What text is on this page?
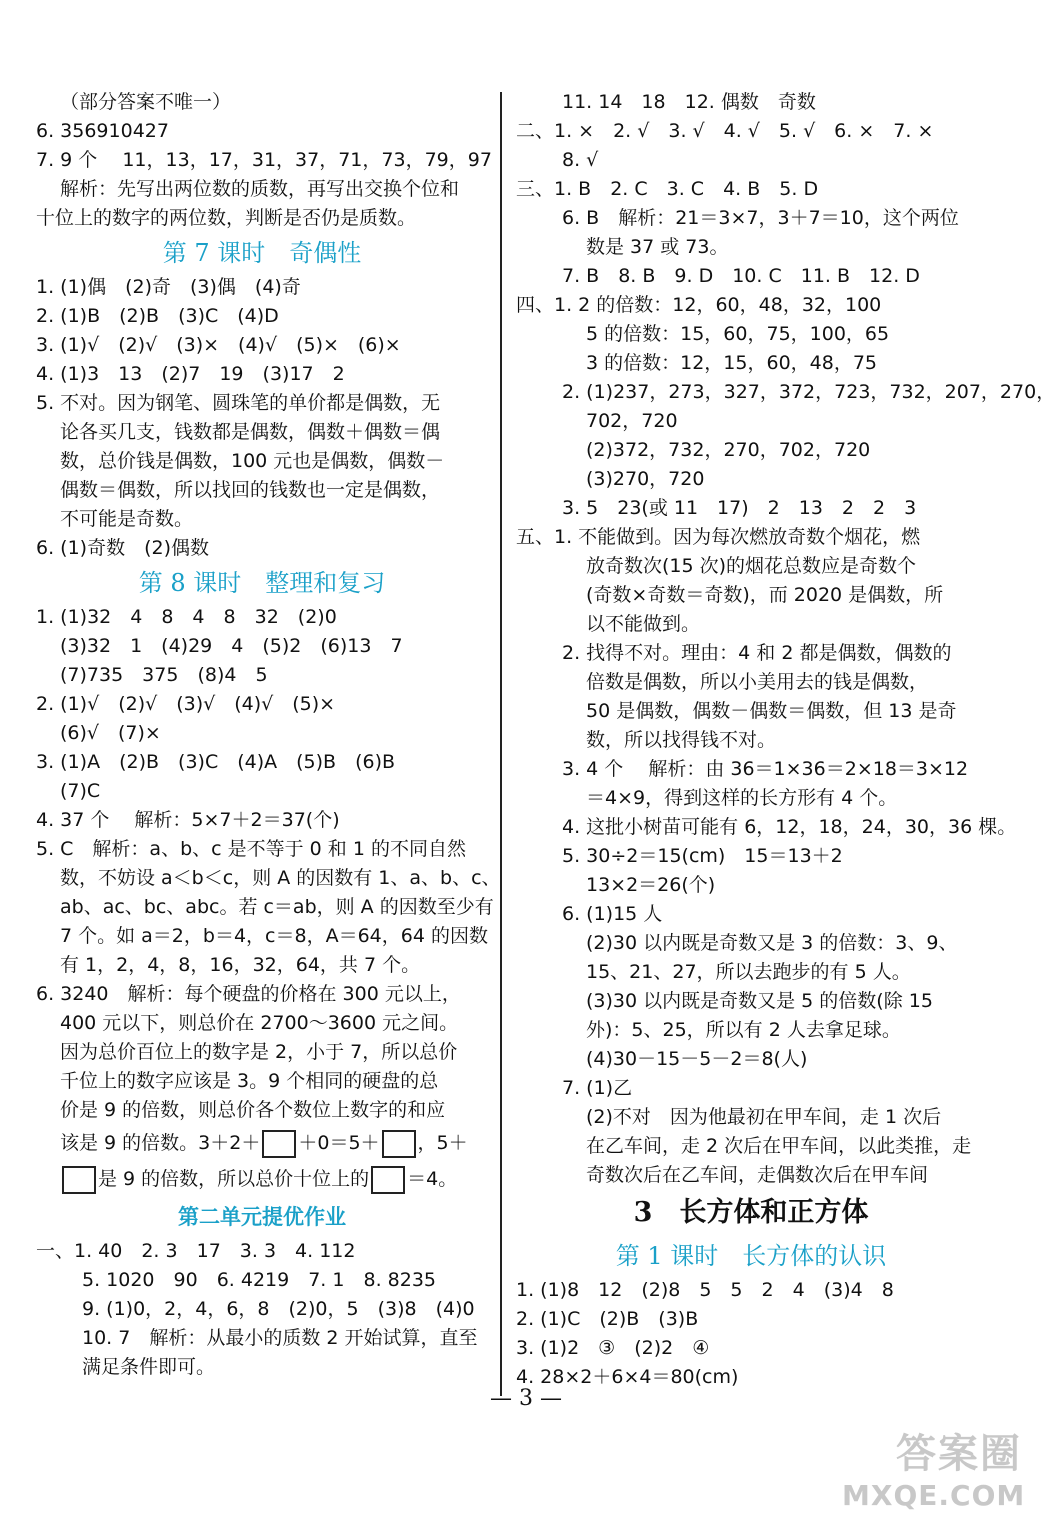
（部分答案不唯一）
6. 356910427
7. 9 个　 11，13，17，31，37，71，73，79，97
解析：先写出两位数的质数，再写出交换个位和
十位上的数字的两位数，判断是否仍是质数。
第 7 课时　奇偶性
1. (1)偶　(2)奇　(3)偶　(4)奇
2. (1)B　(2)B　(3)C　(4)D
3. (1)√　(2)√　(3)×　(4)√　(5)×　(6)×
4. (1)3　13　(2)7　19　(3)17　2
5. 不对。因为钢笔、圆珠笔的单价都是偶数，无
论各买几支，钱数都是偶数，偶数＋偶数＝偶
数，总价钱是偶数，100 元也是偶数，偶数－
偶数＝偶数，所以找回的钱数也一定是偶数，
不可能是奇数。
6. (1)奇数　(2)偶数
第 8 课时　整理和复习
1. (1)32　4　8　4　8　32　(2)0
(3)32　1　(4)29　4　(5)2　(6)13　7
(7)735　375　(8)4　5
2. (1)√　(2)√　(3)√　(4)√　(5)×
(6)√　(7)×
3. (1)A　(2)B　(3)C　(4)A　(5)B　(6)B
(7)C
4. 37 个　 解析：5×7＋2＝37(个)
5. C　解析：a、b、c 是不等于 0 和 1 的不同自然
数，不妨设 a＜b＜c，则 A 的因数有 1、a、b、c、
ab、ac、bc、abc。若 c＝ab，则 A 的因数至少有
7 个。如 a＝2，b＝4，c＝8，A＝64，64 的因数
有 1，2，4，8，16，32，64，共 7 个。
6. 3240　解析：每个硬盘的价格在 300 元以上，
400 元以下，则总价在 2700～3600 元之间。
因为总价百位上的数字是 2，小于 7，所以总价
千位上的数字应该是 3。9 个相同的硬盘的总
价是 9 的倍数，则总价各个数位上数字的和应
该是 9 的倍数。3＋2＋ ＋0＝5＋ ，5＋
是 9 的倍数，所以总价十位上的 ＝4。
第二单元提优作业
一、1. 40　2. 3　17　3. 3　4. 112
5. 1020　90　6. 4219　7. 1　8. 8235
9. (1)0，2，4，6，8　(2)0，5　(3)8　(4)0
10. 7　解析：从最小的质数 2 开始试算，直至
满足条件即可。
11. 14　18　12. 偶数　奇数
二、1. ×　2. √　3. √　4. √　5. √　6. ×　7. ×
8. √
三、1. B　2. C　3. C　4. B　5. D
6. B　解析：21＝3×7，3＋7＝10，这个两位
数是 37 或 73。
7. B　8. B　9. D　10. C　11. B　12. D
四、1. 2 的倍数：12，60，48，32，100
5 的倍数：15，60，75，100，65
3 的倍数：12，15，60，48，75
2. (1)237，273，327，372，723，732，207，270，
702，720
(2)372，732，270，702，720
(3)270，720
3. 5　23(或 11　17)　2　13　2　2　3
五、1. 不能做到。因为每次燃放奇数个烟花，燃
放奇数次(15 次)的烟花总数应是奇数个
(奇数×奇数＝奇数)，而 2020 是偶数，所
以不能做到。
2. 找得不对。理由：4 和 2 都是偶数，偶数的
倍数是偶数，所以小美用去的钱是偶数，
50 是偶数，偶数－偶数＝偶数，但 13 是奇
数，所以找得钱不对。
3. 4 个　 解析：由 36＝1×36＝2×18＝3×12
＝4×9，得到这样的长方形有 4 个。
4. 这批小树苗可能有 6，12，18，24，30，36 棵。
5. 30÷2＝15(cm)　15＝13＋2
13×2＝26(个)
6. (1)15 人
(2)30 以内既是奇数又是 3 的倍数：3、9、
15、21、27，所以去跑步的有 5 人。
(3)30 以内既是奇数又是 5 的倍数(除 15
外)：5、25，所以有 2 人去拿足球。
(4)30－15－5－2＝8(人)
7. (1)乙
(2)不对　因为他最初在甲车间，走 1 次后
在乙车间，走 2 次后在甲车间，以此类推，走
奇数次后在乙车间，走偶数次后在甲车间
3　长方体和正方体
第 1 课时　长方体的认识
1. (1)8　12　(2)8　5　5　2　4　(3)4　8
2. (1)C　(2)B　(3)B
3. (1)2　③　(2)2　④
4. 28×2＋6×4＝80(cm)
— 3 —
答案圈
MXQE.COM
